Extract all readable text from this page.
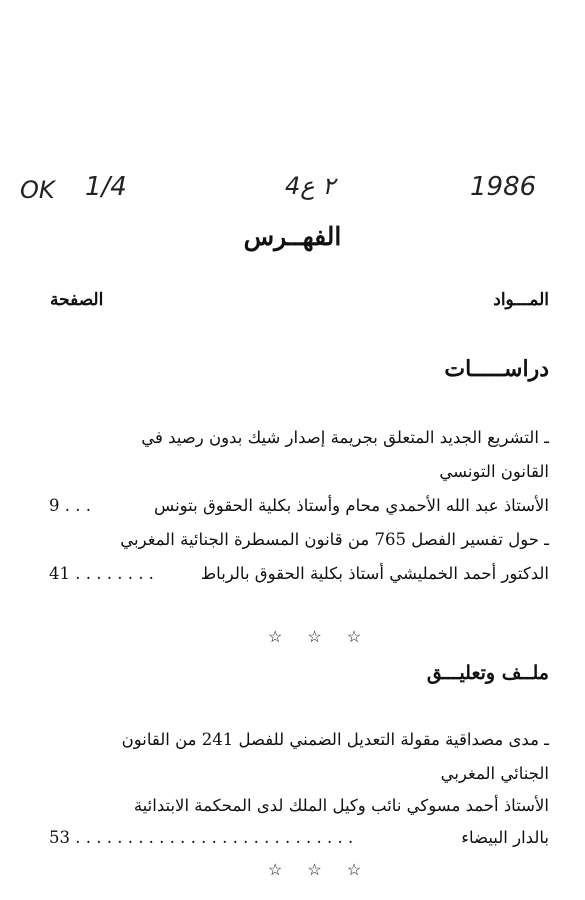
OK 1/4	4٢ ع	1986
الفهــرس
المـــواد
الصفحة
دراســـــات
ـ التشريع الجديد المتعلق بجريمة إصدار شيك بدون رصيد في
القانون التونسي
الأستاذ عبد الله الأحمدي محام وأستاذ بكلية الحقوق بتونس
9 . . .
ـ حول تفسير الفصل 765 من قانون المسطرة الجنائية المغربي
الدكتور أحمد الخمليشي أستاذ بكلية الحقوق بالرباط
41 . . . . . . . .
☆ ☆ ☆
ملــف وتعليـــق
ـ مدى مصداقية مقولة التعديل الضمني للفصل 241 من القانون
الجنائي المغربي
الأستاذ أحمد مسوكي نائب وكيل الملك لدى المحكمة الابتدائية
بالدار البيضاء
53 . . . . . . . . . . . . . . . . . . . . . . . . . . .
☆ ☆ ☆
